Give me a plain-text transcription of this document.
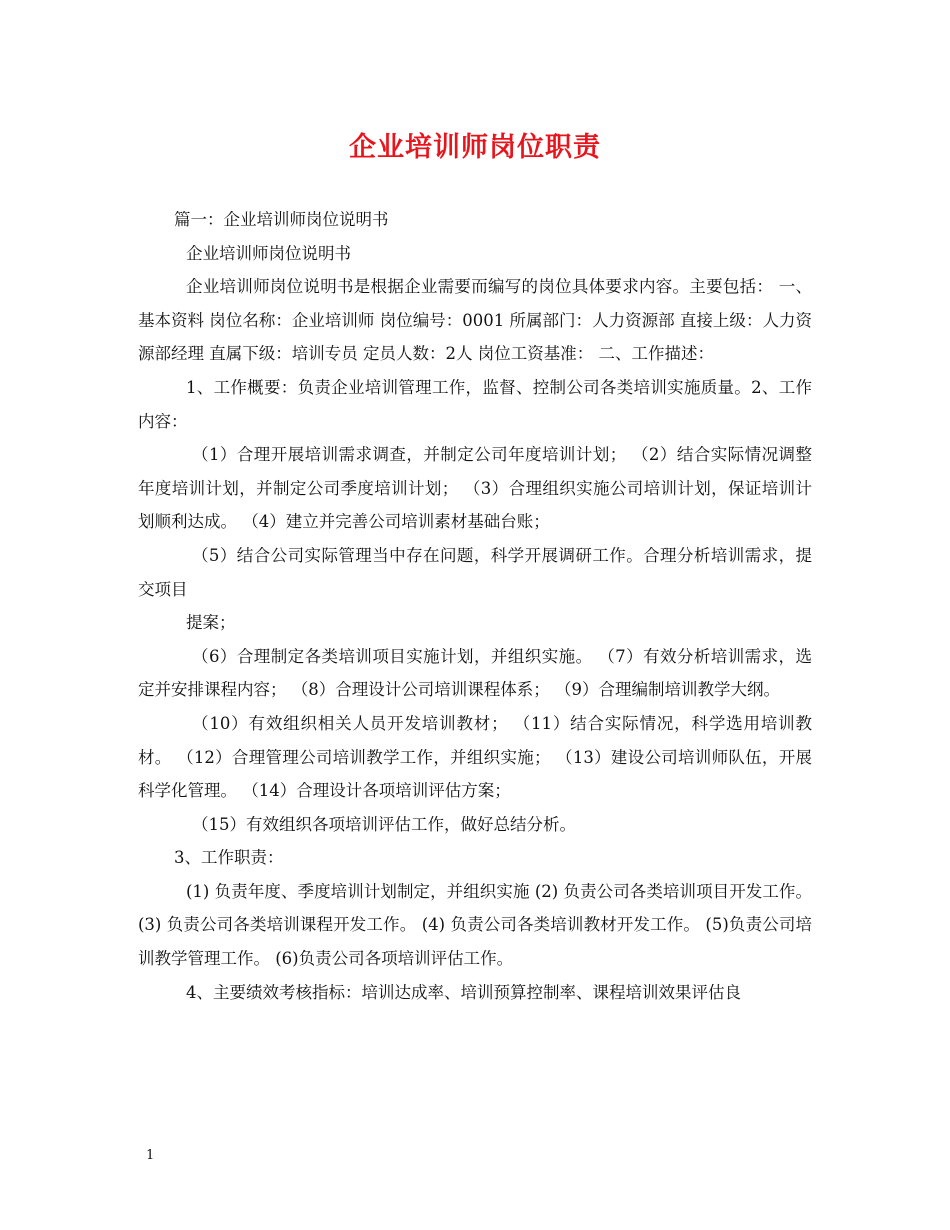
企业培训师岗位职责

篇一：企业培训师岗位说明书

企业培训师岗位说明书

企业培训师岗位说明书是根据企业需要而编写的岗位具体要求内容。主要包括： 一、基本资料 岗位名称：企业培训师 岗位编号：0001 所属部门：人力资源部 直接上级：人力资源部经理 直属下级：培训专员 定员人数：2人 岗位工资基准： 二、工作描述：

1、工作概要：负责企业培训管理工作，监督、控制公司各类培训实施质量。2、工作内容：

（1）合理开展培训需求调查，并制定公司年度培训计划； （2）结合实际情况调整年度培训计划，并制定公司季度培训计划； （3）合理组织实施公司培训计划，保证培训计划顺利达成。 （4）建立并完善公司培训素材基础台账；

（5）结合公司实际管理当中存在问题，科学开展调研工作。合理分析培训需求，提交项目

提案；

（6）合理制定各类培训项目实施计划，并组织实施。 （7）有效分析培训需求，选定并安排课程内容； （8）合理设计公司培训课程体系； （9）合理编制培训教学大纲。

（10）有效组织相关人员开发培训教材； （11）结合实际情况，科学选用培训教材。 （12）合理管理公司培训教学工作，并组织实施； （13）建设公司培训师队伍，开展科学化管理。 （14）合理设计各项培训评估方案；

（15）有效组织各项培训评估工作，做好总结分析。

3、工作职责：

(1) 负责年度、季度培训计划制定，并组织实施 (2) 负责公司各类培训项目开发工作。 (3) 负责公司各类培训课程开发工作。 (4) 负责公司各类培训教材开发工作。 (5)负责公司培训教学管理工作。 (6)负责公司各项培训评估工作。

4、主要绩效考核指标：培训达成率、培训预算控制率、课程培训效果评估良

1
